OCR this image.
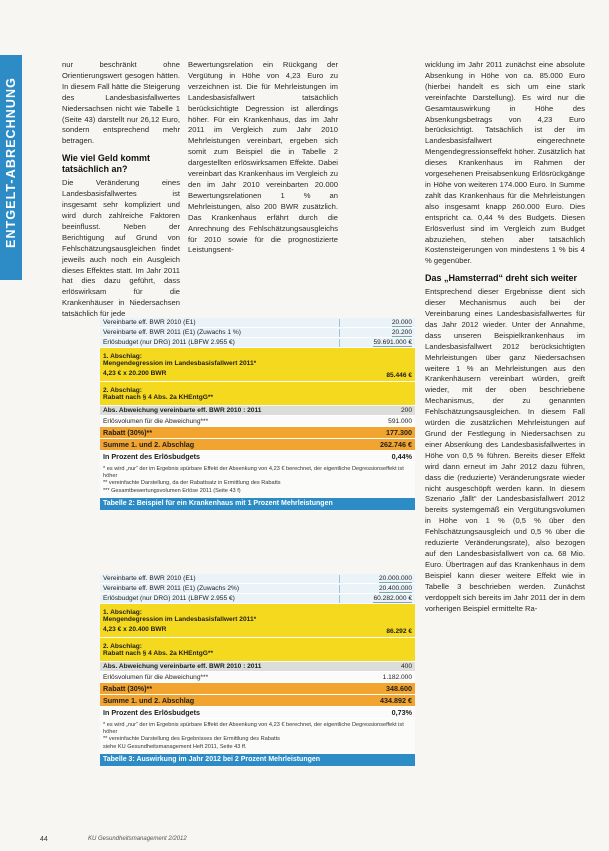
ENTGELT-ABRECHNUNG

nur beschränkt ohne Orientierungswert gesogen hätten. In diesem Fall hätte die Steigerung des Landesbasisfallwertes Niedersachsen nicht wie Tabelle 1 (Seite 43) darstellt nur 26,12 Euro, sondern entsprechend mehr betragen.

Wie viel Geld kommt tatsächlich an?

Die Veränderung eines Landesbasisfallwertes ist insgesamt sehr kompliziert und wird durch zahlreiche Faktoren beeinflusst. Neben der Berichtigung auf Grund von Fehlschätzungsausgleichen findet jeweils auch noch ein Ausgleich dieses Effektes statt. Im Jahr 2011 hat dies dazu geführt, dass erlöswirksam für die Krankenhäuser in Niedersachsen tatsächlich für jede

Bewertungsrelation ein Rückgang der Vergütung in Höhe von 4,23 Euro zu verzeichnen ist. Die für Mehrleistungen im Landesbasisfallwert tatsächlich berücksichtigte Degression ist allerdings höher. Für ein Krankenhaus, das im Jahr 2011 im Vergleich zum Jahr 2010 Mehrleistungen vereinbart, ergeben sich somit zum Beispiel die in Tabelle 2 dargestellten erlöswirksamen Effekte. Dabei vereinbart das Krankenhaus im Vergleich zu den im Jahr 2010 vereinbarten 20.000 Bewertungsrelationen 1 % an Mehrleistungen, also 200 BWR zusätzlich. Das Krankenhaus erfährt durch die Anrechnung des Fehlschätzungsausgleichs für 2010 sowie für die prognostizierte Leistungsent-

wicklung im Jahr 2011 zunächst eine absolute Absenkung in Höhe von ca. 85.000 Euro (hierbei handelt es sich um eine stark vereinfachte Darstellung). Es wird nur die Gesamtauswirkung in Höhe des Absenkungsbetrags von 4,23 Euro berücksichtigt. Tatsächlich ist der im Landesbasisfallwert eingerechnete Mengendegressionseffekt höher. Zusätzlich hat dieses Krankenhaus im Rahmen der vorgesehenen Preisabsenkung Erlösrückgänge in Höhe von weiteren 174.000 Euro. In Summe zahlt das Krankenhaus für die Mehrleistungen also insgesamt knapp 260.000 Euro. Dies entspricht ca. 0,44 % des Budgets. Diesen Erlösverlust sind im Vergleich zum Budget abzuziehen, stehen aber tatsächlich Kostensteigerungen von mindestens 1 % bis 4 % gegenüber.

Das „Hamsterrad“ dreht sich weiter

Entsprechend dieser Ergebnisse dient sich dieser Mechanismus auch bei der Vereinbarung eines Landesbasisfallwertes für das Jahr 2012 wieder. Unter der Annahme, dass unseren Beispielkrankenhaus im Landesbasisfallwert 2012 berücksichtigten Mehrleistungen über ganz Niedersachsen weitere 1 % an Mehrleistungen aus den Krankenhäusern vereinbart würden, greift wieder, mit der oben beschriebene Mechanismus, der zu genannten Fehlschätzungsausgleichen. In diesem Fall würden die zusätzlichen Mehrleistungen auf Grund der Festlegung in Niedersachsen zu einer Absenkung des Landesbasisfallwertes in Höhe von 0,5 % führen. Bereits dieser Effekt wird dann erneut im Jahr 2012 dazu führen, dass die (reduzierte) Veränderungsrate wieder nicht ausgeschöpft werden kann. In diesem Szenario „fällt“ der Landesbasisfallwert 2012 bereits systemgemäß ein Vergütungsvolumen in Höhe von 1 % (0,5 % über den Fehlschätzungsausgleich und 0,5 % über die reduzierte Veränderungsrate), also bezogen auf den Landesbasisfallwert von ca. 68 Mio. Euro. Übertragen auf das Krankenhaus in dem Beispiel kann dieser weitere Effekt wie in Tabelle 3 beschrieben werden. Zunächst verdoppelt sich bereits im Jahr 2011 der in dem vorherigen Beispiel ermittelte Ra-

Vereinbarte eff. BWR 2010 (E1)	20.000
Vereinbarte eff. BWR 2011 (E1) (Zuwachs 1 %)	20.200
Erlösbudget (nur DRG) 2011 (LBFW 2.955 €)	59.691.000 €
1. Abschlag:
Mengendegression im Landesbasisfallwert 2011*
4,23 € x 20.200 BWR	85.446 €
2. Abschlag:
Rabatt nach § 4 Abs. 2a KHEntgG**
Abs. Abweichung vereinbarte eff. BWR 2010 : 2011	200
Erlösvolumen für die Abweichung***	591.000
Rabatt (30%)**	177.300
Summe 1. und 2. Abschlag	262.746 €
In Prozent des Erlösbudgets	0,44%
* es wird „nur“ der im Ergebnis spürbare Effekt der Absenkung von 4,23 € berechnet, der eigentliche Degressionseffekt ist höher
** vereinfachte Darstellung, da der Rabattsatz in Ermittlung des Rabatts
*** Gesamtbewertungsvolumen Erlöse 2011 (Seite 43 f)
Tabelle 2: Beispiel für ein Krankenhaus mit 1 Prozent Mehrleistungen
Vereinbarte eff. BWR 2010 (E1)	20.000.000
Vereinbarte eff. BWR 2011 (E1) (Zuwachs 2%)	20.400.000
Erlösbudget (nur DRG) 2011 (LBFW 2.955 €)	60.282.000 €
1. Abschlag:
Mengendegression im Landesbasisfallwert 2011*
4,23 € x 20.400 BWR	86.292 €
2. Abschlag:
Rabatt nach § 4 Abs. 2a KHEntgG**
Abs. Abweichung vereinbarte eff. BWR 2010 : 2011	400
Erlösvolumen für die Abweichung***	1.182.000
Rabatt (30%)**	348.600
Summe 1. und 2. Abschlag	434.892 €
In Prozent des Erlösbudgets	0,73%
* es wird „nur“ der im Ergebnis spürbare Effekt der Absenkung von 4,23 € berechnet, der eigentliche Degressionseffekt ist höher
** vereinfachte Darstellung des Ergebnisses der Ermittlung des Rabatts
siehe KU Gesundheitsmanagement Heft 2011, Seite 43 ff.
Tabelle 3: Auswirkung im Jahr 2012 bei 2 Prozent Mehrleistungen
44	KU Gesundheitsmanagement 2/2012
